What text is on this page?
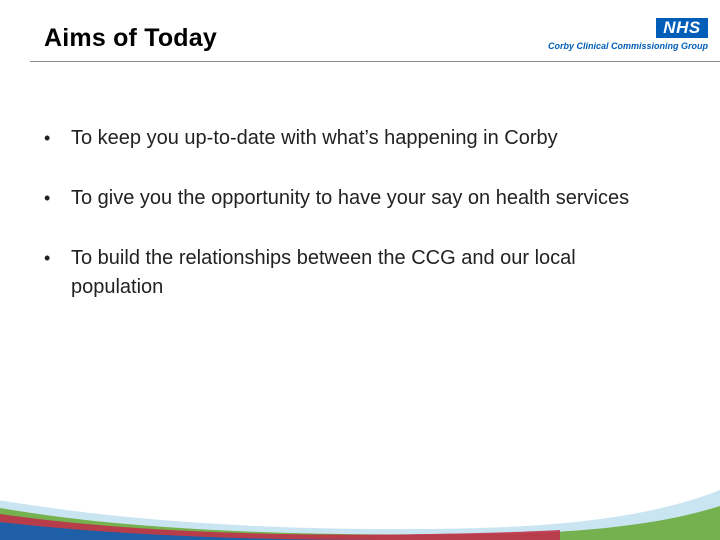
Aims of Today	NHS
Corby Clinical Commissioning Group
• To keep you up-to-date with what’s happening in Corby
• To give you the opportunity to have your say on health services
• To build the relationships between the CCG and our local population
